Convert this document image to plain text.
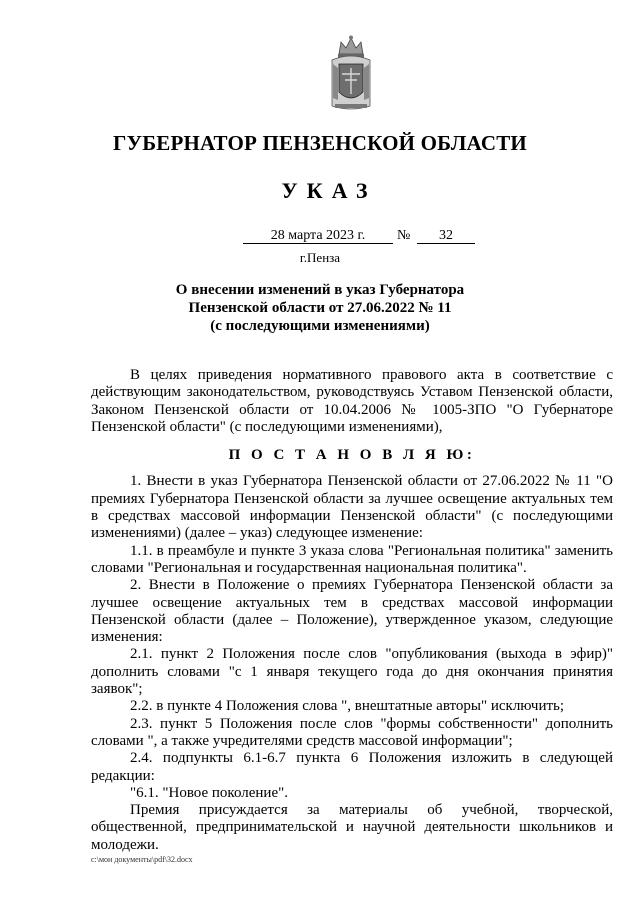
ГУБЕРНАТОР ПЕНЗЕНСКОЙ ОБЛАСТИ
УКАЗ
28 марта 2023 г.	№	32
г.Пенза
О внесении изменений в указ Губернатора
Пензенской области от 27.06.2022 № 11
(с последующими изменениями)

В целях приведения нормативного правового акта в соответствие с действующим законодательством, руководствуясь Уставом Пензенской области, Законом Пензенской области от 10.04.2006 № 1005-ЗПО "О Губернаторе Пензенской области" (с последующими изменениями),

П О С Т А Н О В Л Я Ю:

1. Внести в указ Губернатора Пензенской области от 27.06.2022 № 11 "О премиях Губернатора Пензенской области за лучшее освещение актуальных тем в средствах массовой информации Пензенской области" (с последующими изменениями) (далее – указ) следующее изменение:

1.1. в преамбуле и пункте 3 указа слова "Региональная политика" заменить словами "Региональная и государственная национальная политика".

2. Внести в Положение о премиях Губернатора Пензенской области за лучшее освещение актуальных тем в средствах массовой информации Пензенской области (далее – Положение), утвержденное указом, следующие изменения:

2.1. пункт 2 Положения после слов "опубликования (выхода в эфир)" дополнить словами "с 1 января текущего года до дня окончания принятия заявок";

2.2. в пункте 4 Положения слова ", внештатные авторы" исключить;

2.3. пункт 5 Положения после слов "формы собственности" дополнить словами ", а также учредителями средств массовой информации";

2.4. подпункты 6.1-6.7 пункта 6 Положения изложить в следующей редакции:

"6.1. "Новое поколение".

Премия присуждается за материалы об учебной, творческой, общественной, предпринимательской и научной деятельности школьников и молодежи.

c:\мои документы\pdf\32.docx
